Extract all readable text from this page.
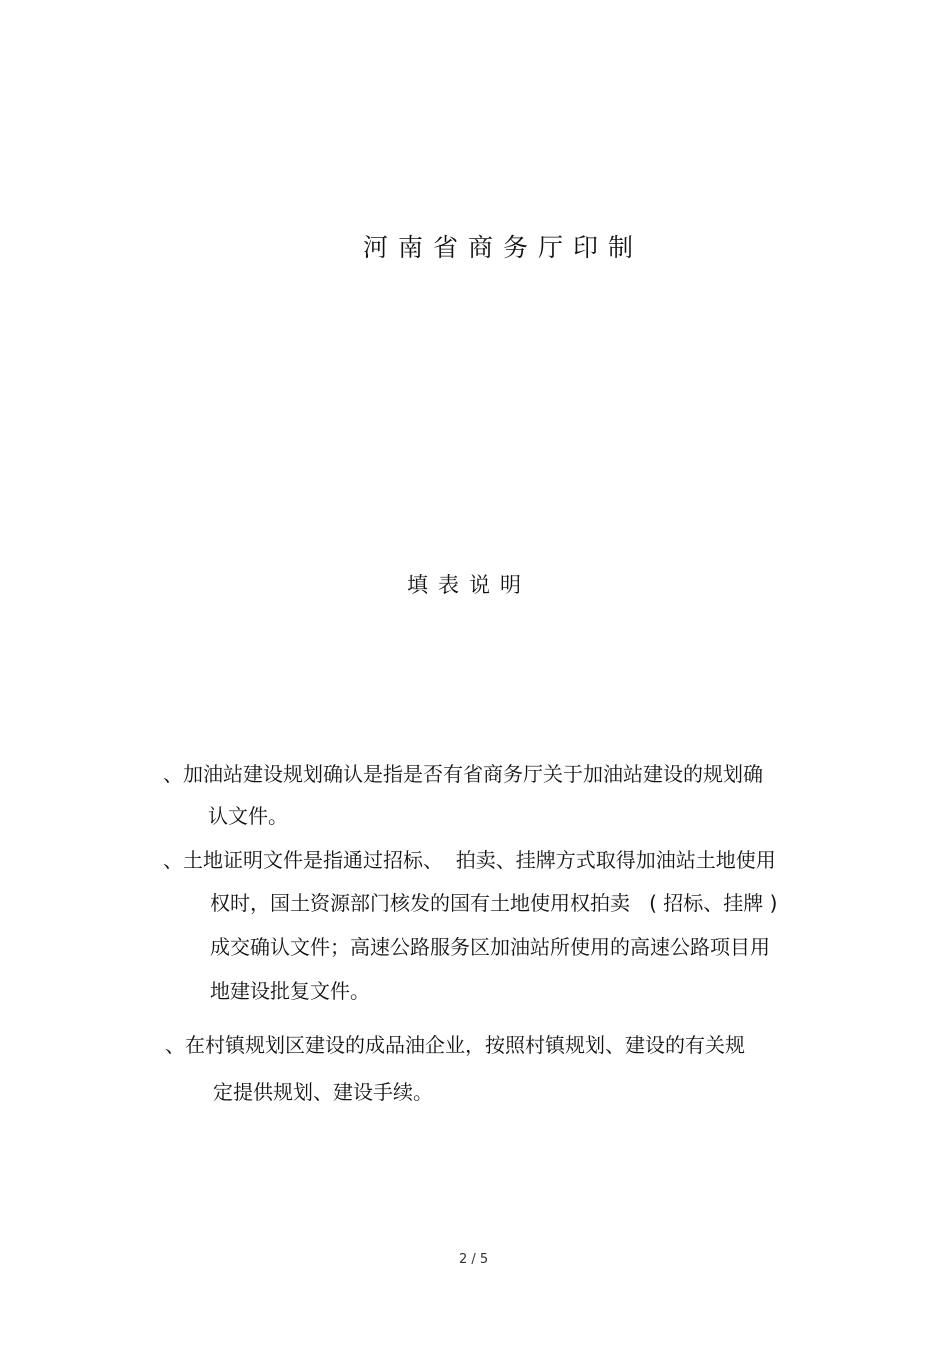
河南省商务厅印制
填表说明
、加油站建设规划确认是指是否有省商务厅关于加油站建设的规划确
认文件。
、土地证明文件是指通过招标、  拍卖、挂牌方式取得加油站土地使用
权时，国土资源部门核发的国有土地使用权拍卖   ( 招标、挂牌 )
成交确认文件；高速公路服务区加油站所使用的高速公路项目用
地建设批复文件。
、在村镇规划区建设的成品油企业，按照村镇规划、建设的有关规
定提供规划、建设手续。
2 / 5
